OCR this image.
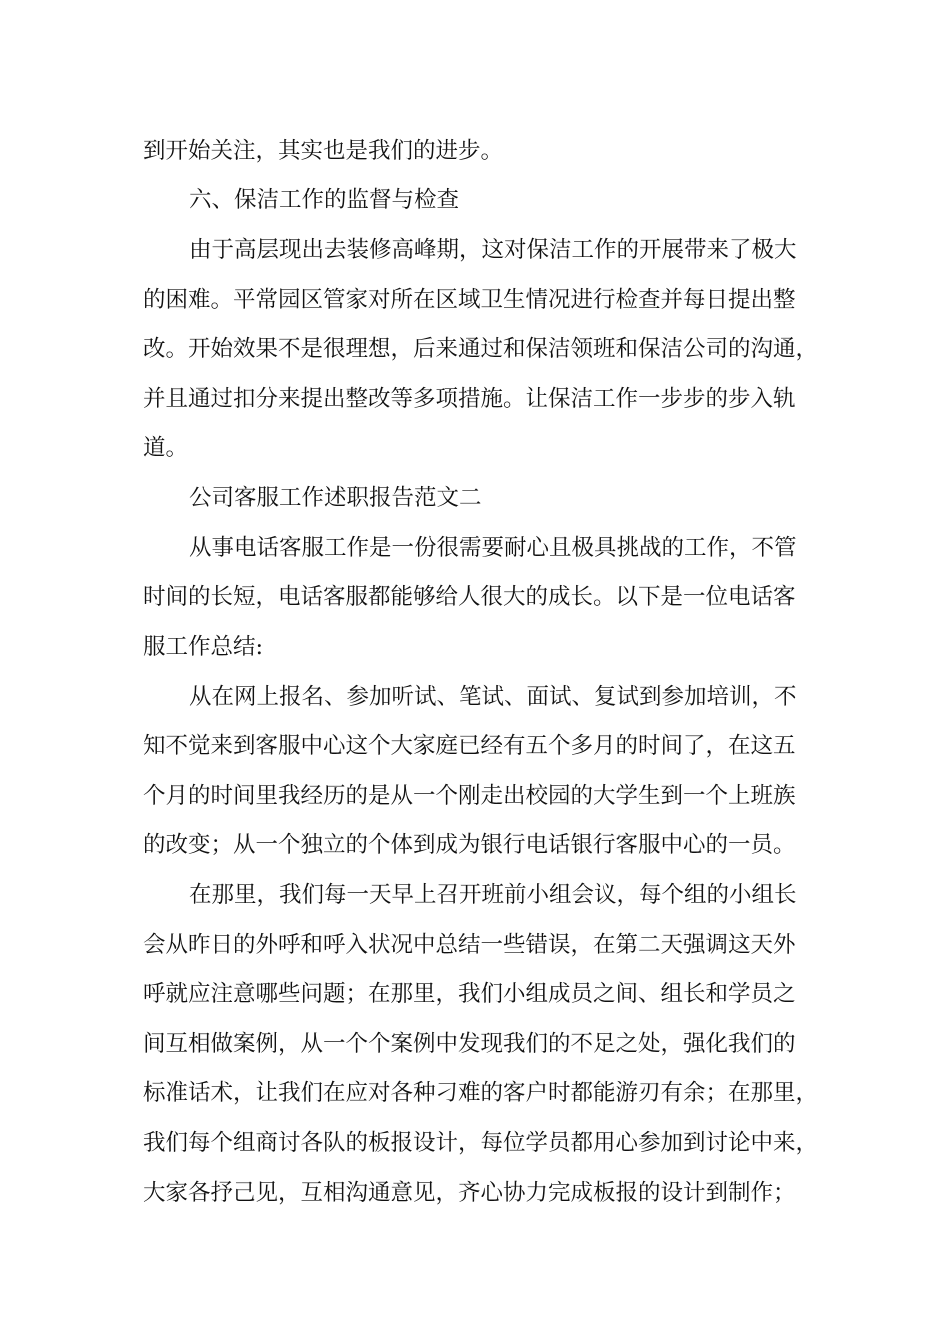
到开始关注，其实也是我们的进步。
六、保洁工作的监督与检查
由于高层现出去装修高峰期，这对保洁工作的开展带来了极大
的困难。平常园区管家对所在区域卫生情况进行检查并每日提出整
改。开始效果不是很理想，后来通过和保洁领班和保洁公司的沟通，
并且通过扣分来提出整改等多项措施。让保洁工作一步步的步入轨
道。
公司客服工作述职报告范文二
从事电话客服工作是一份很需要耐心且极具挑战的工作，不管
时间的长短，电话客服都能够给人很大的成长。以下是一位电话客
服工作总结:
从在网上报名、参加听试、笔试、面试、复试到参加培训，不
知不觉来到客服中心这个大家庭已经有五个多月的时间了，在这五
个月的时间里我经历的是从一个刚走出校园的大学生到一个上班族
的改变；从一个独立的个体到成为银行电话银行客服中心的一员。
在那里，我们每一天早上召开班前小组会议，每个组的小组长
会从昨日的外呼和呼入状况中总结一些错误，在第二天强调这天外
呼就应注意哪些问题；在那里，我们小组成员之间、组长和学员之
间互相做案例，从一个个案例中发现我们的不足之处，强化我们的
标准话术，让我们在应对各种刁难的客户时都能游刃有余；在那里，
我们每个组商讨各队的板报设计，每位学员都用心参加到讨论中来，
大家各抒己见，互相沟通意见，齐心协力完成板报的设计到制作；
